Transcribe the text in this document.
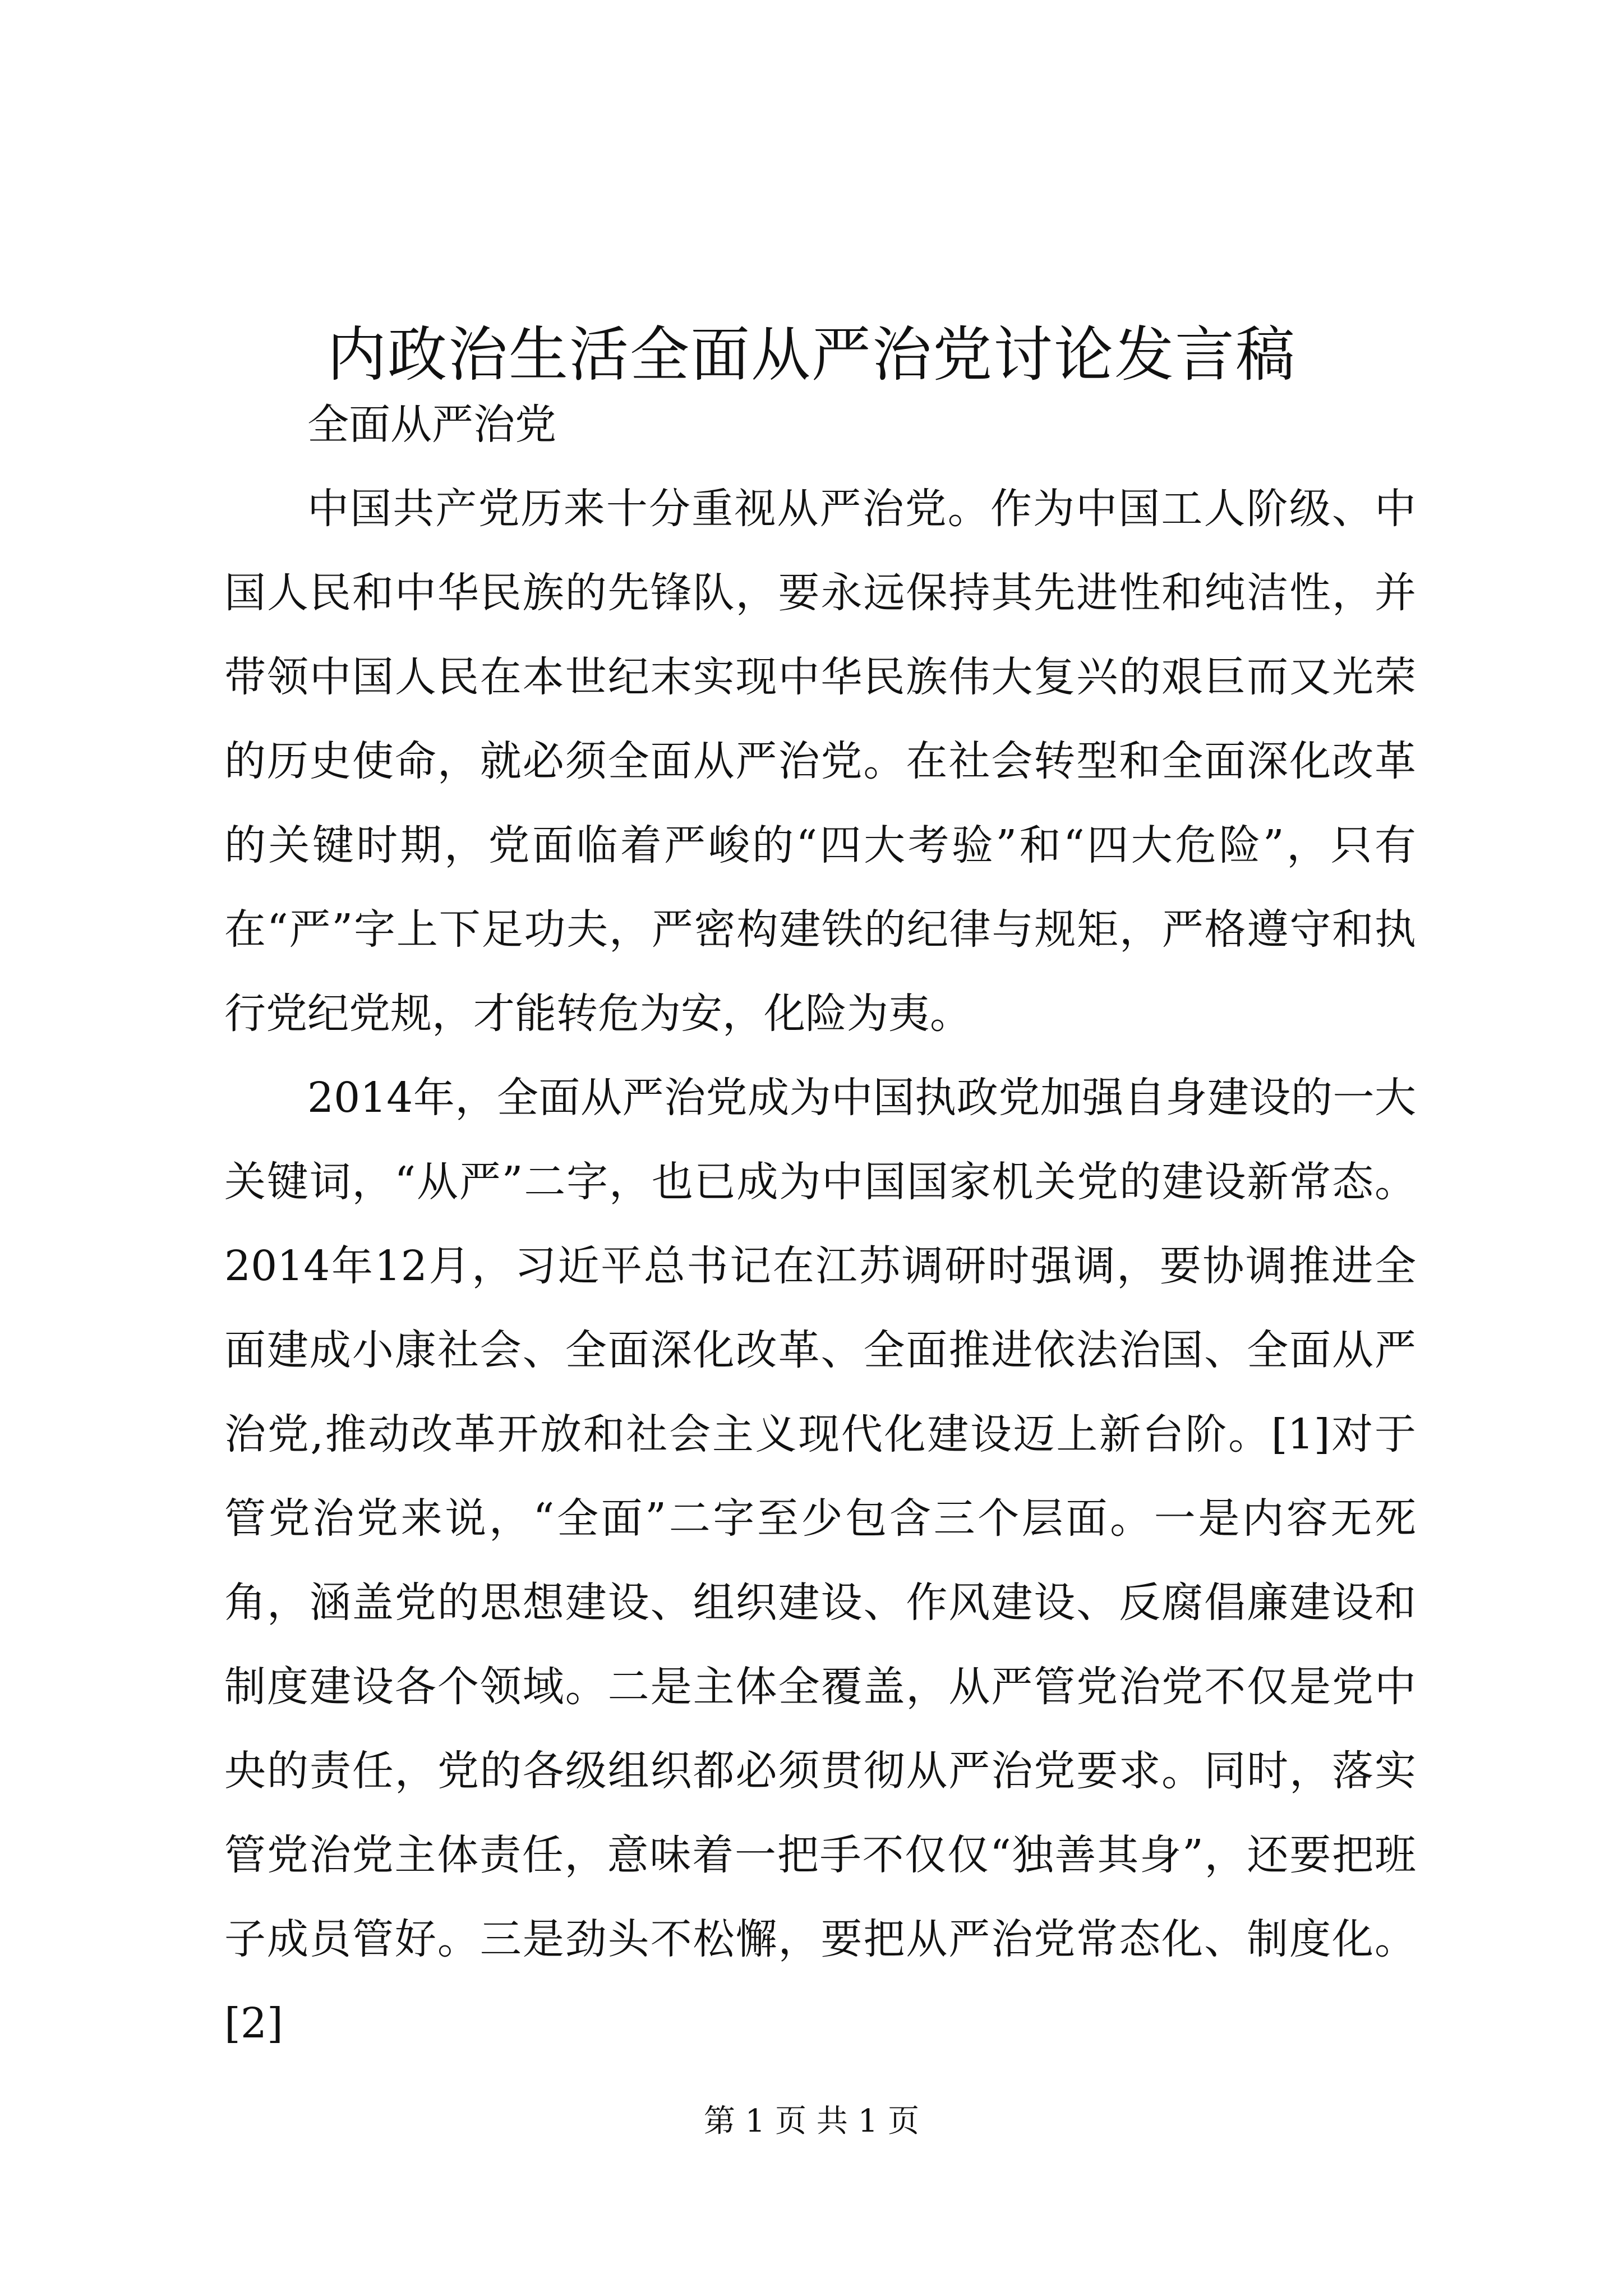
内政治生活全面从严治党讨论发言稿

全面从严治党

中国共产党历来十分重视从严治党。作为中国工人阶级、中国人民和中华民族的先锋队，要永远保持其先进性和纯洁性，并带领中国人民在本世纪末实现中华民族伟大复兴的艰巨而又光荣的历史使命，就必须全面从严治党。在社会转型和全面深化改革的关键时期，党面临着严峻的“四大考验”和“四大危险”，只有在“严”字上下足功夫，严密构建铁的纪律与规矩，严格遵守和执行党纪党规，才能转危为安，化险为夷。

2014年，全面从严治党成为中国执政党加强自身建设的一大关键词，“从严”二字，也已成为中国国家机关党的建设新常态。2014年12月，习近平总书记在江苏调研时强调，要协调推进全面建成小康社会、全面深化改革、全面推进依法治国、全面从严治党,推动改革开放和社会主义现代化建设迈上新台阶。[1]对于管党治党来说，“全面”二字至少包含三个层面。一是内容无死角，涵盖党的思想建设、组织建设、作风建设、反腐倡廉建设和制度建设各个领域。二是主体全覆盖，从严管党治党不仅是党中央的责任，党的各级组织都必须贯彻从严治党要求。同时，落实管党治党主体责任，意味着一把手不仅仅“独善其身”，还要把班子成员管好。三是劲头不松懈，要把从严治党常态化、制度化。[2]

第 1 页 共 1 页
